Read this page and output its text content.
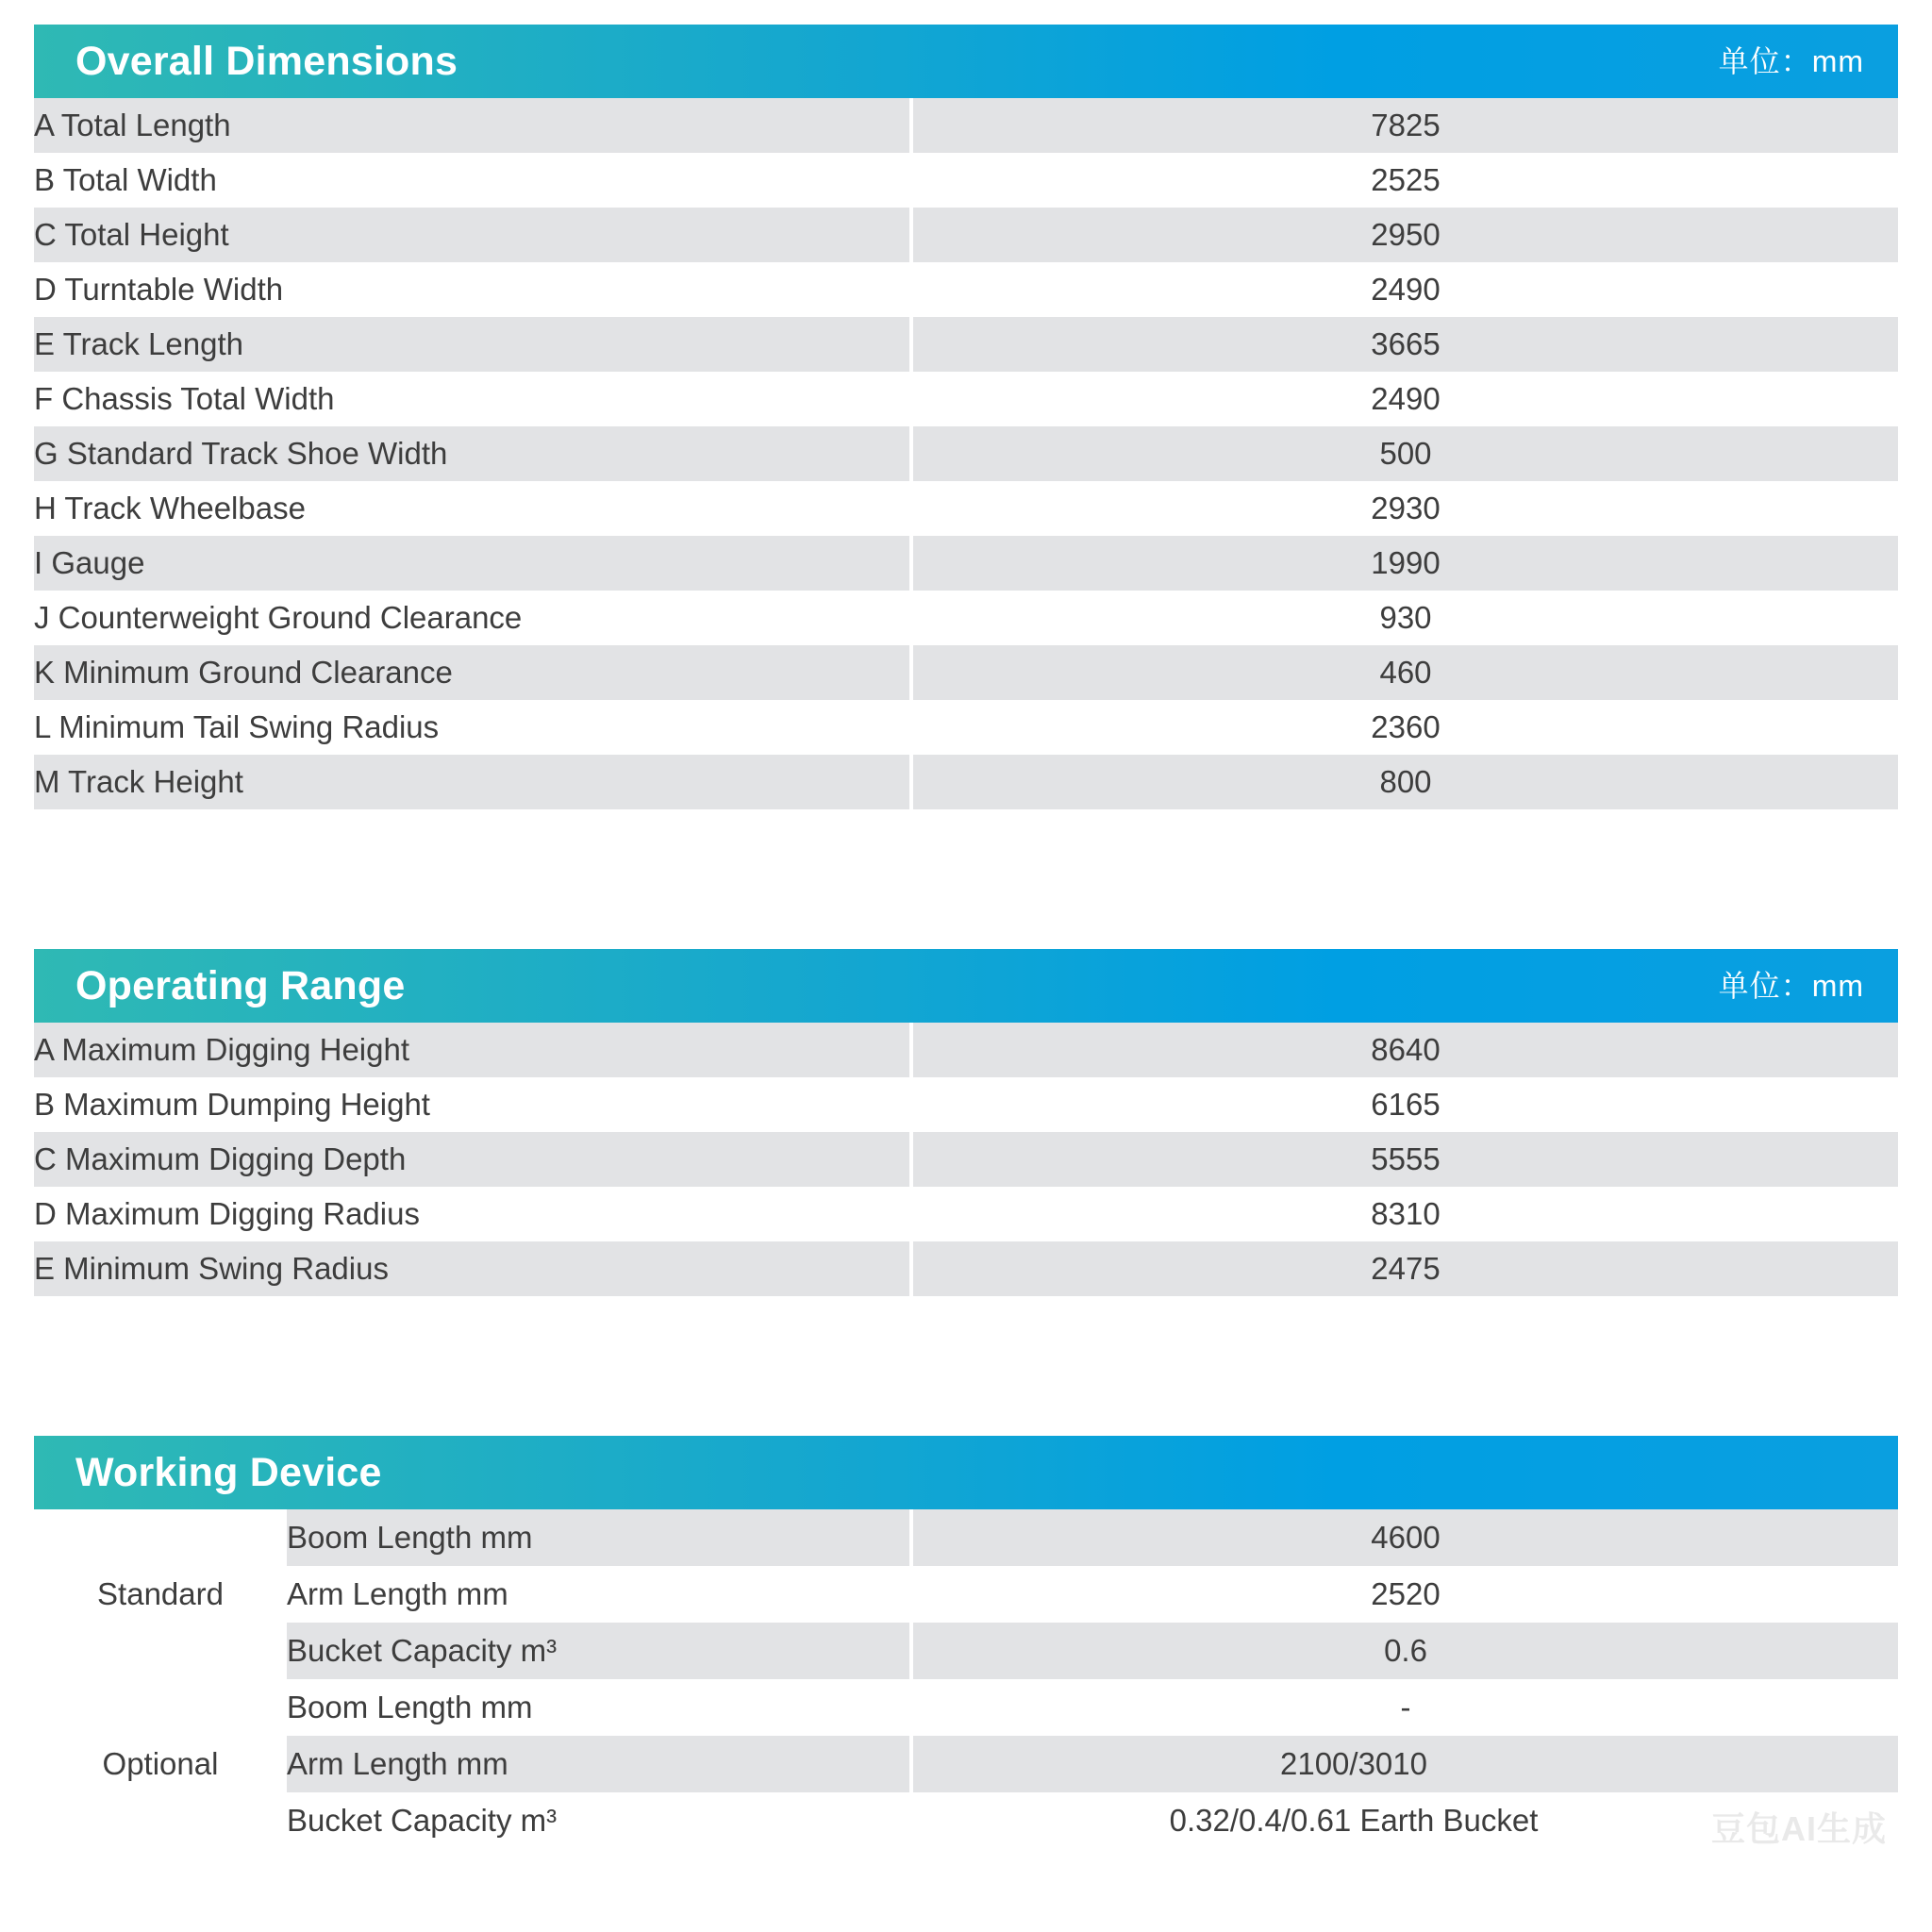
Overall Dimensions	单位：mm
A Total Length	7825
B Total Width	2525
C Total Height	2950
D Turntable Width	2490
E Track Length	3665
F Chassis Total Width	2490
G Standard Track Shoe Width	500
H Track Wheelbase	2930
I Gauge	1990
J Counterweight Ground Clearance	930
K Minimum Ground Clearance	460
L Minimum Tail Swing Radius	2360
M Track Height	800
Operating Range	单位：mm
A Maximum Digging Height	8640
B Maximum Dumping Height	6165
C Maximum Digging Depth	5555
D Maximum Digging Radius	8310
E Minimum Swing Radius	2475
Working Device
Standard	Boom Length mm	4600
	Arm Length mm	2520
	Bucket Capacity m³	0.6
Optional	Boom Length mm	-
	Arm Length mm	2100/3010
	Bucket Capacity m³	0.32/0.4/0.61 Earth Bucket	豆包AI生成
